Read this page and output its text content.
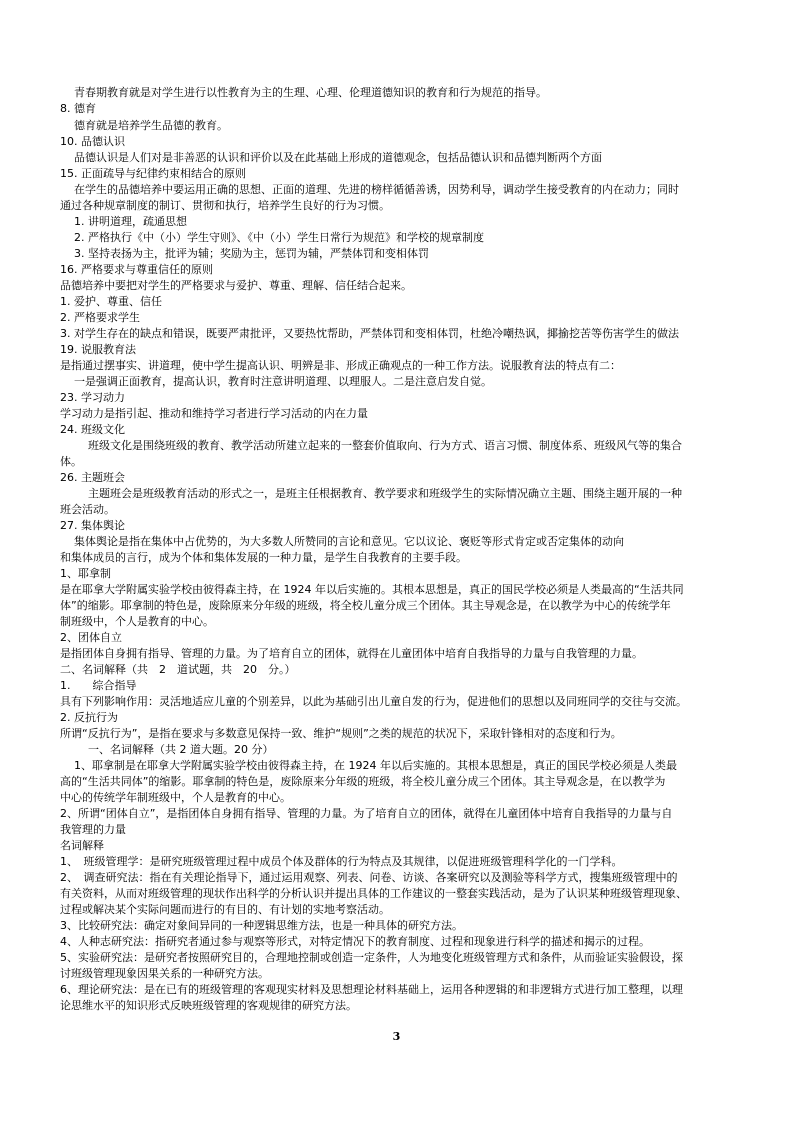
青春期教育就是对学生进行以性教育为主的生理、心理、伦理道德知识的教育和行为规范的指导。
8. 德育
德育就是培养学生品德的教育。
10. 品德认识
品德认识是人们对是非善恶的认识和评价以及在此基础上形成的道德观念，包括品德认识和品德判断两个方面
15. 正面疏导与纪律约束相结合的原则
在学生的品德培养中要运用正确的思想、正面的道理、先进的榜样循循善诱，因势利导，调动学生接受教育的内在动力；同时
通过各种规章制度的制订、贯彻和执行，培养学生良好的行为习惯。
1. 讲明道理，疏通思想
2. 严格执行《中（小）学生守则》、《中（小）学生日常行为规范》和学校的规章制度
3. 坚持表扬为主，批评为辅；奖励为主，惩罚为辅，严禁体罚和变相体罚
16. 严格要求与尊重信任的原则
品德培养中要把对学生的严格要求与爱护、尊重、理解、信任结合起来。
1. 爱护、尊重、信任
2. 严格要求学生
3. 对学生存在的缺点和错误，既要严肃批评，又要热忱帮助，严禁体罚和变相体罚，杜绝冷嘲热讽，揶揄挖苦等伤害学生的做法
19. 说服教育法
是指通过摆事实、讲道理，使中学生提高认识、明辨是非、形成正确观点的一种工作方法。说服教育法的特点有二：
一是强调正面教育，提高认识，教育时注意讲明道理、以理服人。二是注意启发自觉。
23. 学习动力
学习动力是指引起、推动和维持学习者进行学习活动的内在力量
24. 班级文化
班级文化是围绕班级的教育、教学活动所建立起来的一整套价值取向、行为方式、语言习惯、制度体系、班级风气等的集合
体。
26. 主题班会
主题班会是班级教育活动的形式之一，是班主任根据教育、教学要求和班级学生的实际情况确立主题、围绕主题开展的一种
班会活动。
27. 集体舆论
集体舆论是指在集体中占优势的，为大多数人所赞同的言论和意见。它以议论、褒贬等形式肯定或否定集体的动向
和集体成员的言行，成为个体和集体发展的一种力量，是学生自我教育的主要手段。
1、耶拿制
是在耶拿大学附属实验学校由彼得森主持，在 1924 年以后实施的。其根本思想是，真正的国民学校必须是人类最高的“生活共同
体”的缩影。耶拿制的特色是，废除原来分年级的班级，将全校儿童分成三个团体。其主导观念是，在以教学为中心的传统学年
制班级中，个人是教育的中心。
2、团体自立
是指团体自身拥有指导、管理的力量。为了培育自立的团体，就得在儿童团体中培育自我指导的力量与自我管理的力量。
二、名词解释（共　2　道试题，共　20　分。）
1.　　综合指导
具有下列影响作用：灵活地适应儿童的个别差异，以此为基础引出儿童自发的行为，促进他们的思想以及同班同学的交往与交流。
2. 反抗行为
所谓“反抗行为”，是指在要求与多数意见保持一致、维护“规则”之类的规范的状况下，采取针锋相对的态度和行为。
一、名词解释（共 2 道大题。20 分）
1、耶拿制是在耶拿大学附属实验学校由彼得森主持，在 1924 年以后实施的。其根本思想是，真正的国民学校必须是人类最
高的“生活共同体”的缩影。耶拿制的特色是，废除原来分年级的班级，将全校儿童分成三个团体。其主导观念是，在以教学为
中心的传统学年制班级中，个人是教育的中心。
2、所谓“团体自立”，是指团体自身拥有指导、管理的力量。为了培育自立的团体，就得在儿童团体中培育自我指导的力量与自
我管理的力量
名词解释
1、　班级管理学：是研究班级管理过程中成员个体及群体的行为特点及其规律，以促进班级管理科学化的一门学科。
2、　调查研究法：指在有关理论指导下，通过运用观察、列表、问卷、访谈、各案研究以及测验等科学方式，搜集班级管理中的
有关资料，从而对班级管理的现状作出科学的分析认识并提出具体的工作建议的一整套实践活动，是为了认识某种班级管理现象、
过程或解决某个实际问题而进行的有目的、有计划的实地考察活动。
3、比较研究法：确定对象间异同的一种逻辑思维方法，也是一种具体的研究方法。
4、人种志研究法：指研究者通过参与观察等形式，对特定情况下的教育制度、过程和现象进行科学的描述和揭示的过程。
5、实验研究法：是研究者按照研究目的，合理地控制或创造一定条件，人为地变化班级管理方式和条件，从而验证实验假设，探
讨班级管理现象因果关系的一种研究方法。
6、理论研究法：是在已有的班级管理的客观现实材料及思想理论材料基础上，运用各种逻辑的和非逻辑方式进行加工整理，以理
论思维水平的知识形式反映班级管理的客观规律的研究方法。
3
